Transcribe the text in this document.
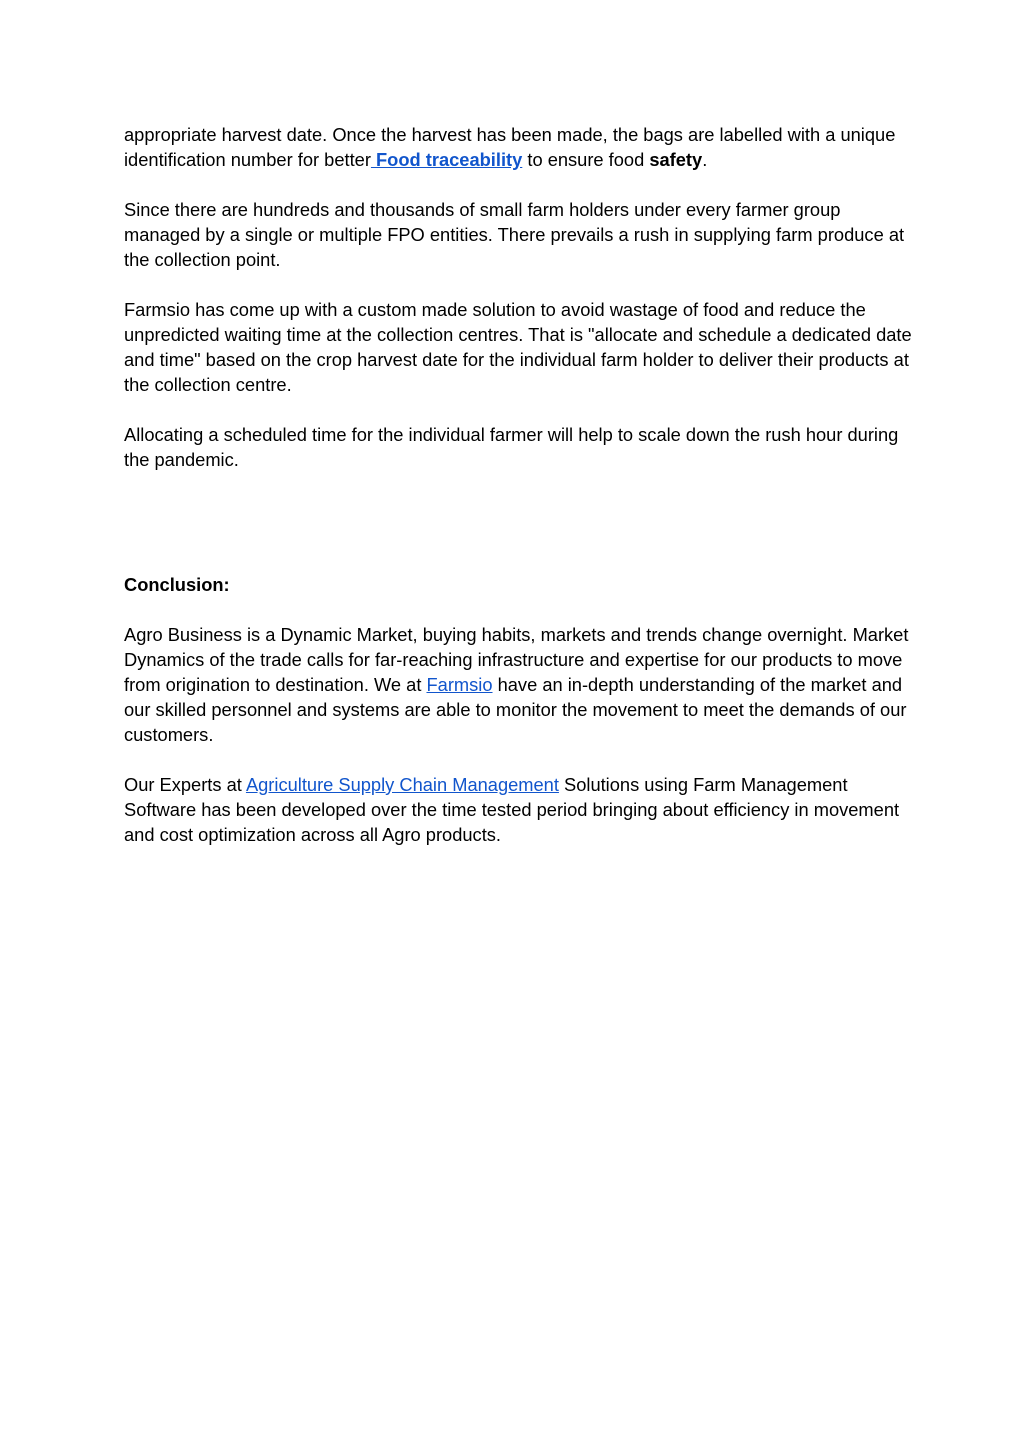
appropriate harvest date. Once the harvest has been made, the bags are labelled with a unique identification number for better Food traceability to ensure food safety.

Since there are hundreds and thousands of small farm holders under every farmer group managed by a single or multiple FPO entities. There prevails a rush in supplying farm produce at the collection point.

Farmsio has come up with a custom made solution to avoid wastage of food and reduce the unpredicted waiting time at the collection centres. That is "allocate and schedule a dedicated date and time" based on the crop harvest date for the individual farm holder to deliver their products at the collection centre.

Allocating a scheduled time for the individual farmer will help to scale down the rush hour during the pandemic.

Conclusion:

Agro Business is a Dynamic Market, buying habits, markets and trends change overnight. Market Dynamics of the trade calls for far-reaching infrastructure and expertise for our products to move from origination to destination. We at Farmsio have an in-depth understanding of the market and our skilled personnel and systems are able to monitor the movement to meet the demands of our customers.

Our Experts at Agriculture Supply Chain Management Solutions using Farm Management Software has been developed over the time tested period bringing about efficiency in movement and cost optimization across all Agro products.
